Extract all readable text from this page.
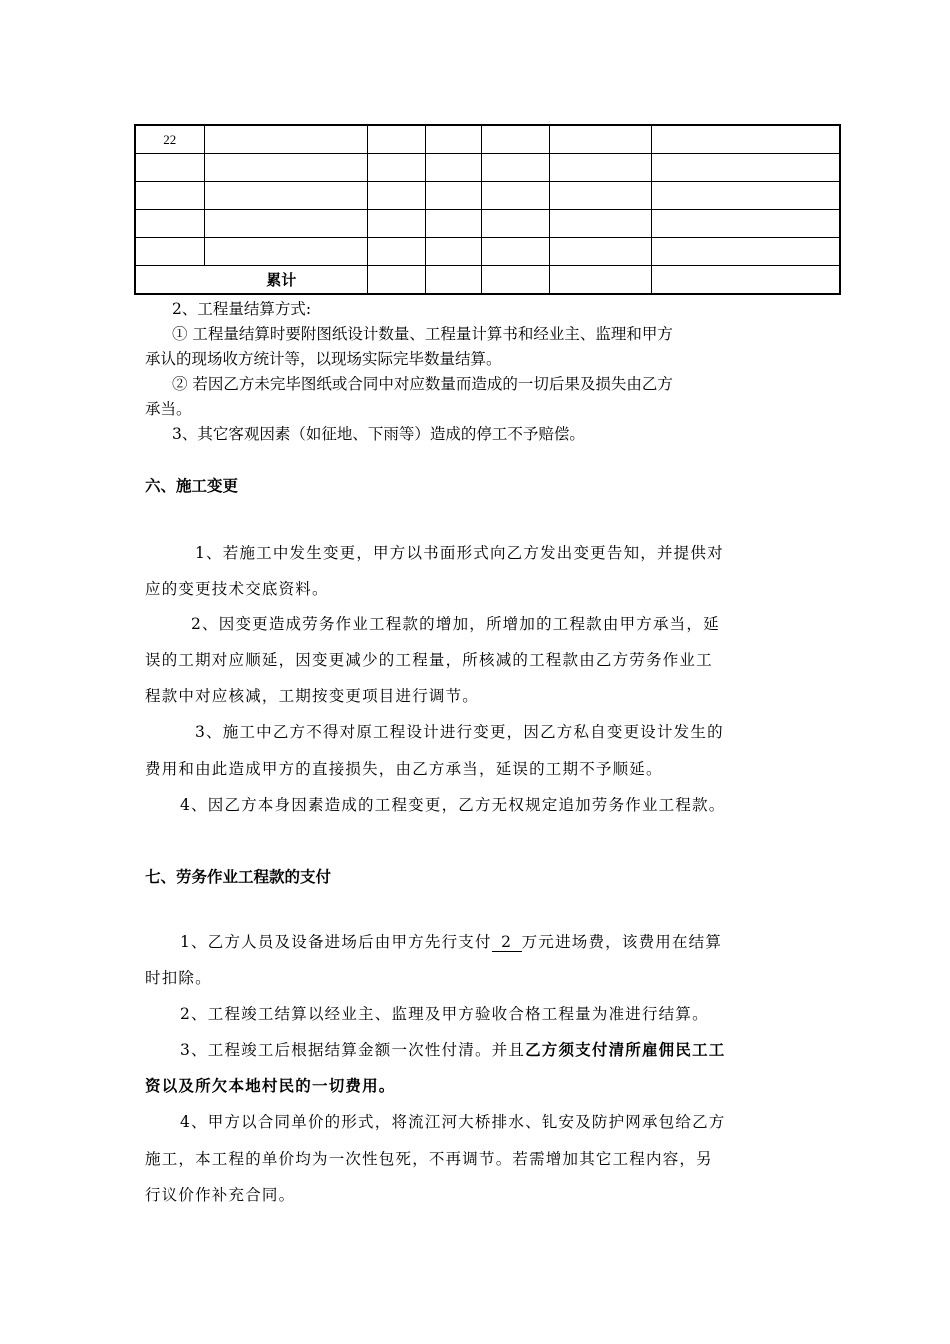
22						

累计						
2、工程量结算方式:
① 工程量结算时要附图纸设计数量、工程量计算书和经业主、监理和甲方
承认的现场收方统计等，以现场实际完毕数量结算。
② 若因乙方未完毕图纸或合同中对应数量而造成的一切后果及损失由乙方
承当。
3、其它客观因素（如征地、下雨等）造成的停工不予赔偿。
六、施工变更
1、若施工中发生变更，甲方以书面形式向乙方发出变更告知，并提供对
应的变更技术交底资料。
2、因变更造成劳务作业工程款的增加，所增加的工程款由甲方承当，延
误的工期对应顺延，因变更减少的工程量，所核减的工程款由乙方劳务作业工
程款中对应核减，工期按变更项目进行调节。
3、施工中乙方不得对原工程设计进行变更，因乙方私自变更设计发生的
费用和由此造成甲方的直接损失，由乙方承当，延误的工期不予顺延。
4、因乙方本身因素造成的工程变更，乙方无权规定追加劳务作业工程款。
七、劳务作业工程款的支付
1、乙方人员及设备进场后由甲方先行支付 2 万元进场费，该费用在结算
时扣除。
2、工程竣工结算以经业主、监理及甲方验收合格工程量为准进行结算。
3、工程竣工后根据结算金额一次性付清。并且乙方须支付清所雇佣民工工
资以及所欠本地村民的一切费用。
4、甲方以合同单价的形式，将流江河大桥排水、钆安及防护网承包给乙方
施工，本工程的单价均为一次性包死，不再调节。若需增加其它工程内容，另
行议价作补充合同。
